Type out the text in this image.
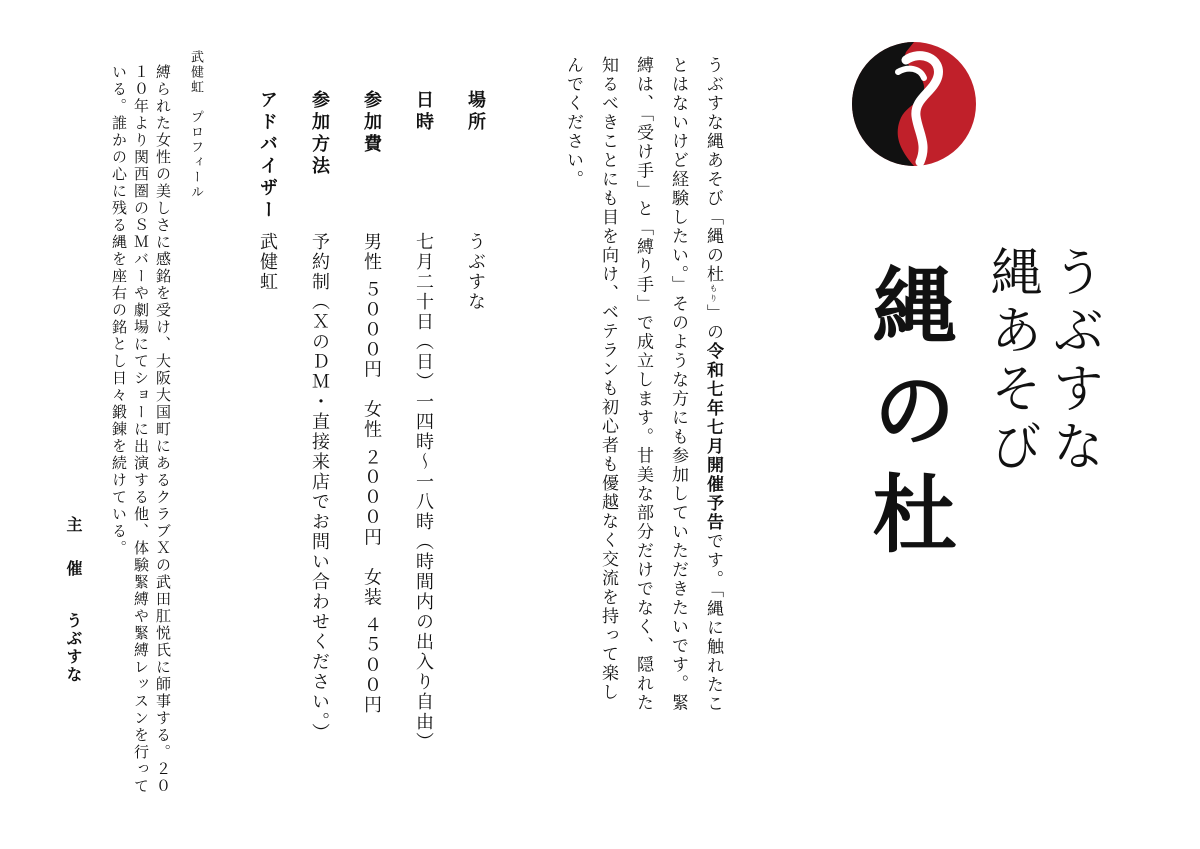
うぶすな
縄あそび
縄の杜
うぶすな縄あそび「縄の杜もり」の令和七年七月開催予告です。「縄に触れたことはないけど経験したい。」そのような方にも参加していただきたいです。緊縛は、「受け手」と「縛り手」で成立します。甘美な部分だけでなく、隠れた知るべきことにも目を向け、ベテランも初心者も優越なく交流を持って楽しんでください。
場所
日時
参加費
参加方法
アドバイザー
うぶすな
七月二十日（日）一四時〜一八時（時間内の出入り自由）
男性 ５０００円　女性 ２０００円　女装 ４５００円
予約制（ＸのＤＭ・直接来店でお問い合わせください。）
武健虹
武健虹　プロフィール
縛られた女性の美しさに感銘を受け、大阪大国町にあるクラブＸの武田肛悦氏に師事する。２０１０年より関西圏のＳＭバーや劇場にてショーに出演する他、体験緊縛や緊縛レッスンを行っている。誰かの心に残る縄を座右の銘とし日々鍛錬を続けている。
主催
うぶすな
